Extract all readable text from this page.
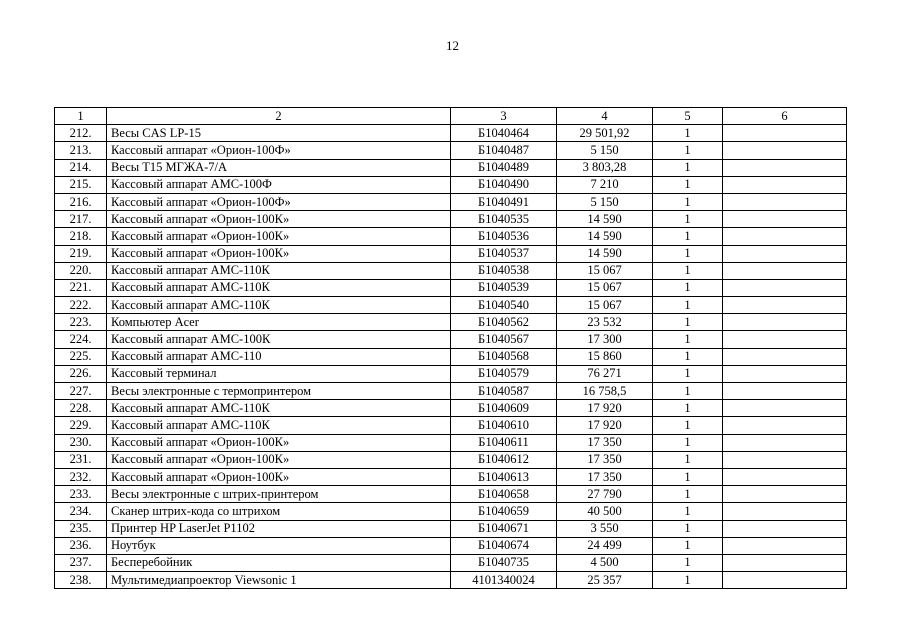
12
1	2	3	4	5	6
212.	Весы CAS LP-15	Б1040464	29 501,92	1	
213.	Кассовый аппарат «Орион-100Ф»	Б1040487	5 150	1	
214.	Весы Т15 МГЖА-7/А	Б1040489	3 803,28	1	
215.	Кассовый аппарат АМС-100Ф	Б1040490	7 210	1	
216.	Кассовый аппарат «Орион-100Ф»	Б1040491	5 150	1	
217.	Кассовый аппарат «Орион-100К»	Б1040535	14 590	1	
218.	Кассовый аппарат «Орион-100К»	Б1040536	14 590	1	
219.	Кассовый аппарат «Орион-100К»	Б1040537	14 590	1	
220.	Кассовый аппарат АМС-110К	Б1040538	15 067	1	
221.	Кассовый аппарат АМС-110К	Б1040539	15 067	1	
222.	Кассовый аппарат АМС-110К	Б1040540	15 067	1	
223.	Компьютер Acer	Б1040562	23 532	1	
224.	Кассовый аппарат АМС-100К	Б1040567	17 300	1	
225.	Кассовый аппарат АМС-110	Б1040568	15 860	1	
226.	Кассовый терминал	Б1040579	76 271	1	
227.	Весы электронные с термопринтером	Б1040587	16 758,5	1	
228.	Кассовый аппарат АМС-110К	Б1040609	17 920	1	
229.	Кассовый аппарат АМС-110К	Б1040610	17 920	1	
230.	Кассовый аппарат «Орион-100К»	Б1040611	17 350	1	
231.	Кассовый аппарат «Орион-100К»	Б1040612	17 350	1	
232.	Кассовый аппарат «Орион-100К»	Б1040613	17 350	1	
233.	Весы электронные с штрих-принтером	Б1040658	27 790	1	
234.	Сканер штрих-кода со штрихом	Б1040659	40 500	1	
235.	Принтер HP LaserJet P1102	Б1040671	3 550	1	
236.	Ноутбук	Б1040674	24 499	1	
237.	Бесперебойник	Б1040735	4 500	1	
238.	Мультимедиапроектор Viewsonic 1	4101340024	25 357	1	
